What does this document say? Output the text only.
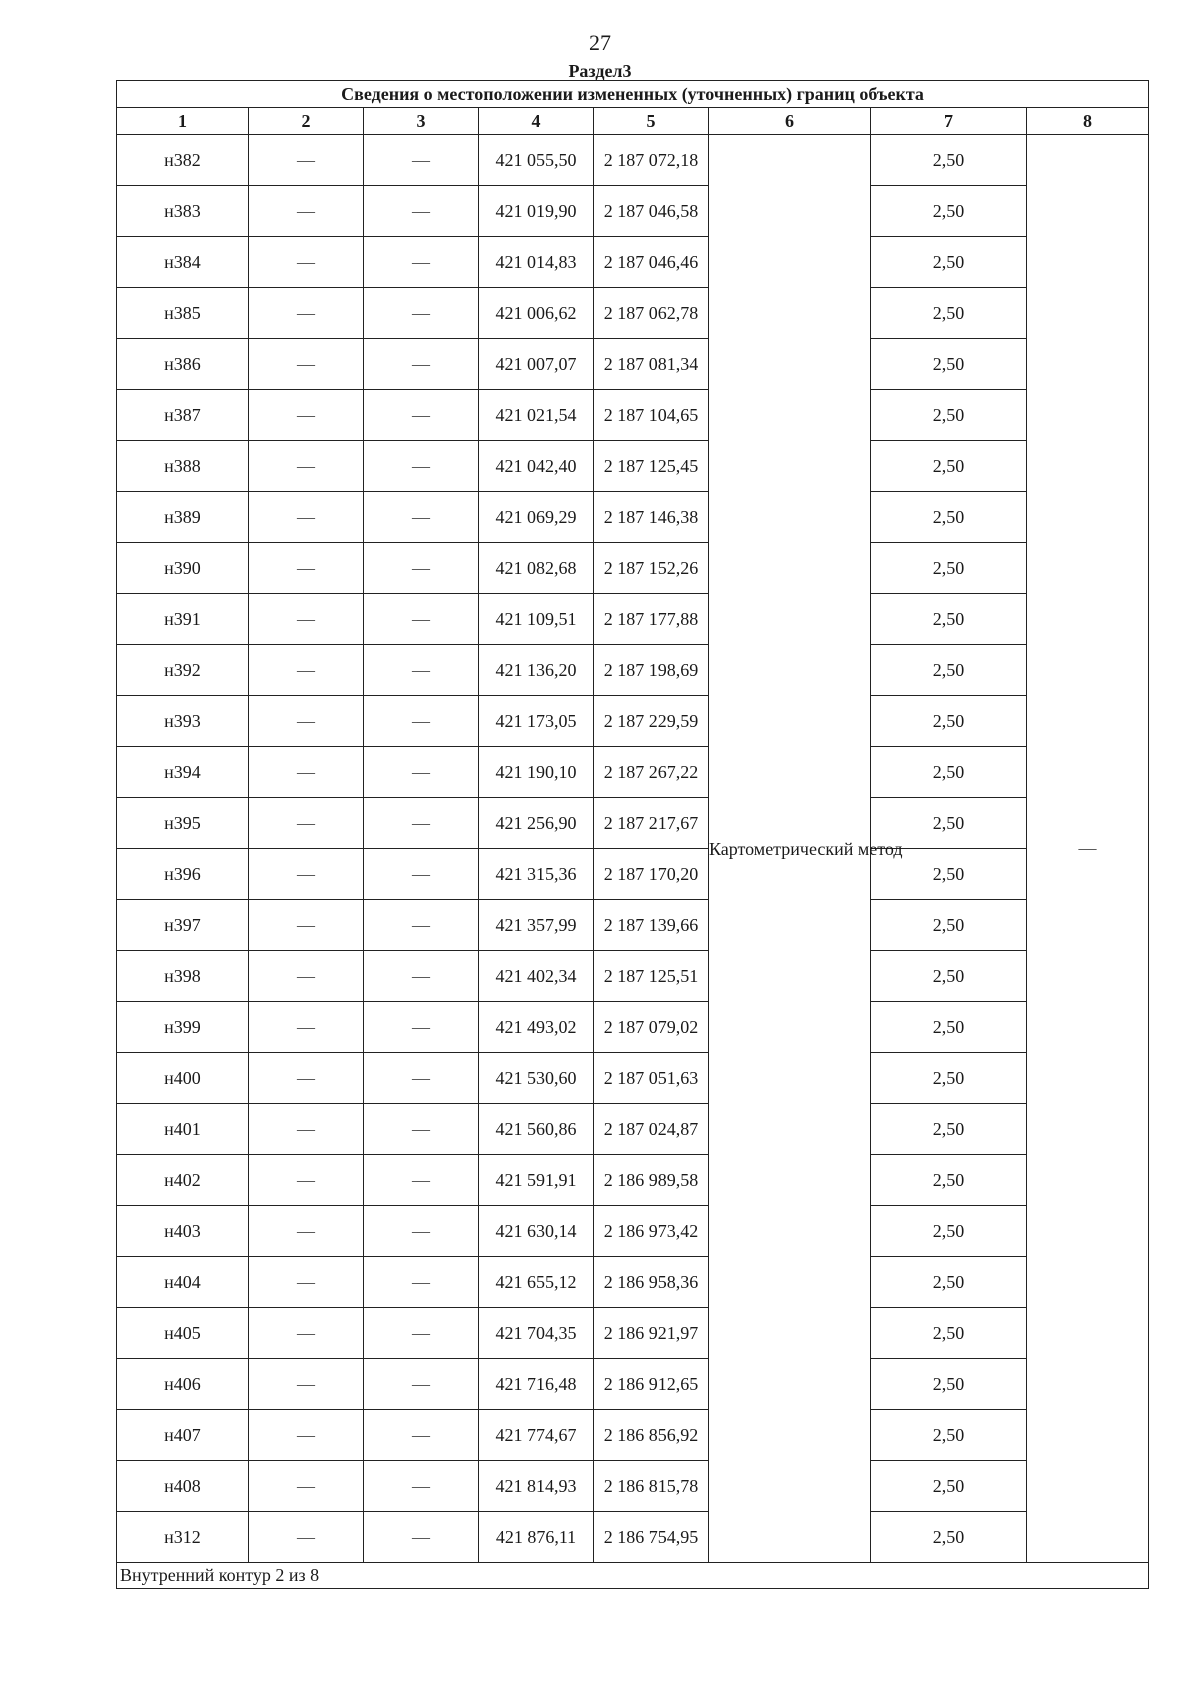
27
Раздел3
Сведения о местоположении измененных (уточненных) границ объекта							
1	2	3	4	5	6	7	8
н382	—	—	421 055,50	2 187 072,18	Картометрический метод	2,50	—
н383	—	—	421 019,90	2 187 046,58		2,50	
н384	—	—	421 014,83	2 187 046,46		2,50	
н385	—	—	421 006,62	2 187 062,78		2,50	
н386	—	—	421 007,07	2 187 081,34		2,50	
н387	—	—	421 021,54	2 187 104,65		2,50	
н388	—	—	421 042,40	2 187 125,45		2,50	
н389	—	—	421 069,29	2 187 146,38		2,50	
н390	—	—	421 082,68	2 187 152,26		2,50	
н391	—	—	421 109,51	2 187 177,88		2,50	
н392	—	—	421 136,20	2 187 198,69		2,50	
н393	—	—	421 173,05	2 187 229,59		2,50	
н394	—	—	421 190,10	2 187 267,22		2,50	
н395	—	—	421 256,90	2 187 217,67		2,50	
н396	—	—	421 315,36	2 187 170,20		2,50	
н397	—	—	421 357,99	2 187 139,66		2,50	
н398	—	—	421 402,34	2 187 125,51		2,50	
н399	—	—	421 493,02	2 187 079,02		2,50	
н400	—	—	421 530,60	2 187 051,63		2,50	
н401	—	—	421 560,86	2 187 024,87		2,50	
н402	—	—	421 591,91	2 186 989,58		2,50	
н403	—	—	421 630,14	2 186 973,42		2,50	
н404	—	—	421 655,12	2 186 958,36		2,50	
н405	—	—	421 704,35	2 186 921,97		2,50	
н406	—	—	421 716,48	2 186 912,65		2,50	
н407	—	—	421 774,67	2 186 856,92		2,50	
н408	—	—	421 814,93	2 186 815,78		2,50	
н312	—	—	421 876,11	2 186 754,95		2,50	
Внутренний контур 2 из 8							
